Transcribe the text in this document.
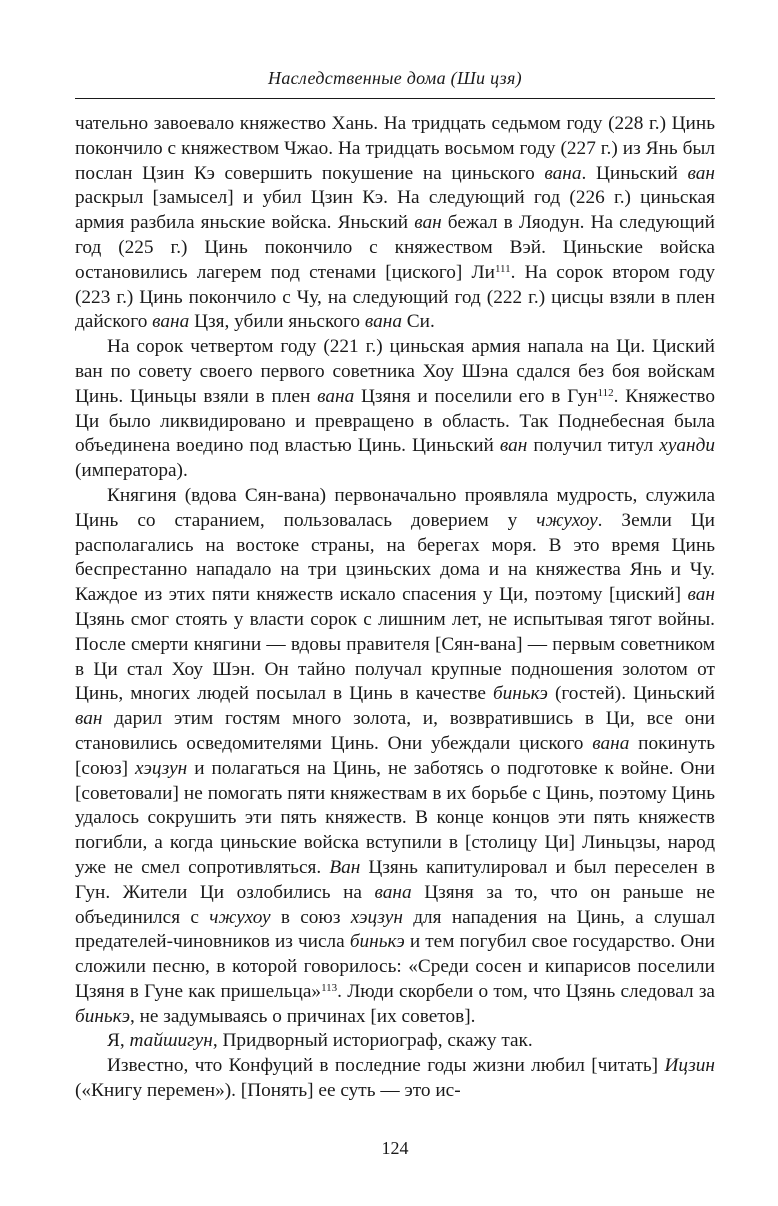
Наследственные дома (Ши цзя)

чательно завоевало княжество Хань. На тридцать седьмом году (228 г.) Цинь покончило с княжеством Чжао. На тридцать восьмом году (227 г.) из Янь был послан Цзин Кэ совершить покушение на циньского вана. Циньский ван раскрыл [замысел] и убил Цзин Кэ. На следующий год (226 г.) циньская армия разбила яньские войска. Яньский ван бежал в Ляодун. На следующий год (225 г.) Цинь покончило с княжеством Вэй. Циньские войска остановились лагерем под стенами [циского] $Ли^{111}$. На сорок втором году (223 г.) Цинь покончило с Чу, на следующий год (222 г.) цисцы взяли в плен дайского вана Цзя, убили яньского вана Си.

На сорок четвертом году (221 г.) циньская армия напала на Ци. Циский ван по совету своего первого советника Хоу Шэна сдался без боя войскам Цинь. Циньцы взяли в плен вана Цзяня и поселили его в Гун$^{112}$. Княжество Ци было ликвидировано и превращено в область. Так Поднебесная была объединена воедино под властью Цинь. Циньский ван получил титул хуанди (императора).

Княгиня (вдова Сян-вана) первоначально проявляла мудрость, служила Цинь со старанием, пользовалась доверием у чжухоу. Земли Ци располагались на востоке страны, на берегах моря. В это время Цинь беспрестанно нападало на три цзиньских дома и на княжества Янь и Чу. Каждое из этих пяти княжеств искало спасения у Ци, поэтому [циский] ван Цзянь смог стоять у власти сорок с лишним лет, не испытывая тягот войны. После смерти княгини — вдовы правителя [Сян-вана] — первым советником в Ци стал Хоу Шэн. Он тайно получал крупные подношения золотом от Цинь, многих людей посылал в Цинь в качестве бинькэ (гостей). Циньский ван дарил этим гостям много золота, и, возвратившись в Ци, все они становились осведомителями Цинь. Они убеждали циского вана покинуть [союз] хэцзун и полагаться на Цинь, не заботясь о подготовке к войне. Они [советовали] не помогать пяти княжествам в их борьбе с Цинь, поэтому Цинь удалось сокрушить эти пять княжеств. В конце концов эти пять княжеств погибли, а когда циньские войска вступили в [столицу Ци] Линьцзы, народ уже не смел сопротивляться. Ван Цзянь капитулировал и был переселен в Гун. Жители Ци озлобились на вана Цзяня за то, что он раньше не объединился с чжухоу в союз хэцзун для нападения на Цинь, а слушал предателей-чиновников из числа бинькэ и тем погубил свое государство. Они сложили песню, в которой говорилось: «Среди сосен и кипарисов поселили Цзяня в Гуне как пришельца»$^{113}$. Люди скорбели о том, что Цзянь следовал за бинькэ, не задумываясь о причинах [их советов].

Я, тайшигун, Придворный историограф, скажу так.

Известно, что Конфуций в последние годы жизни любил [читать] Ицзин («Книгу перемен»). [Понять] ее суть — это ис-

124
